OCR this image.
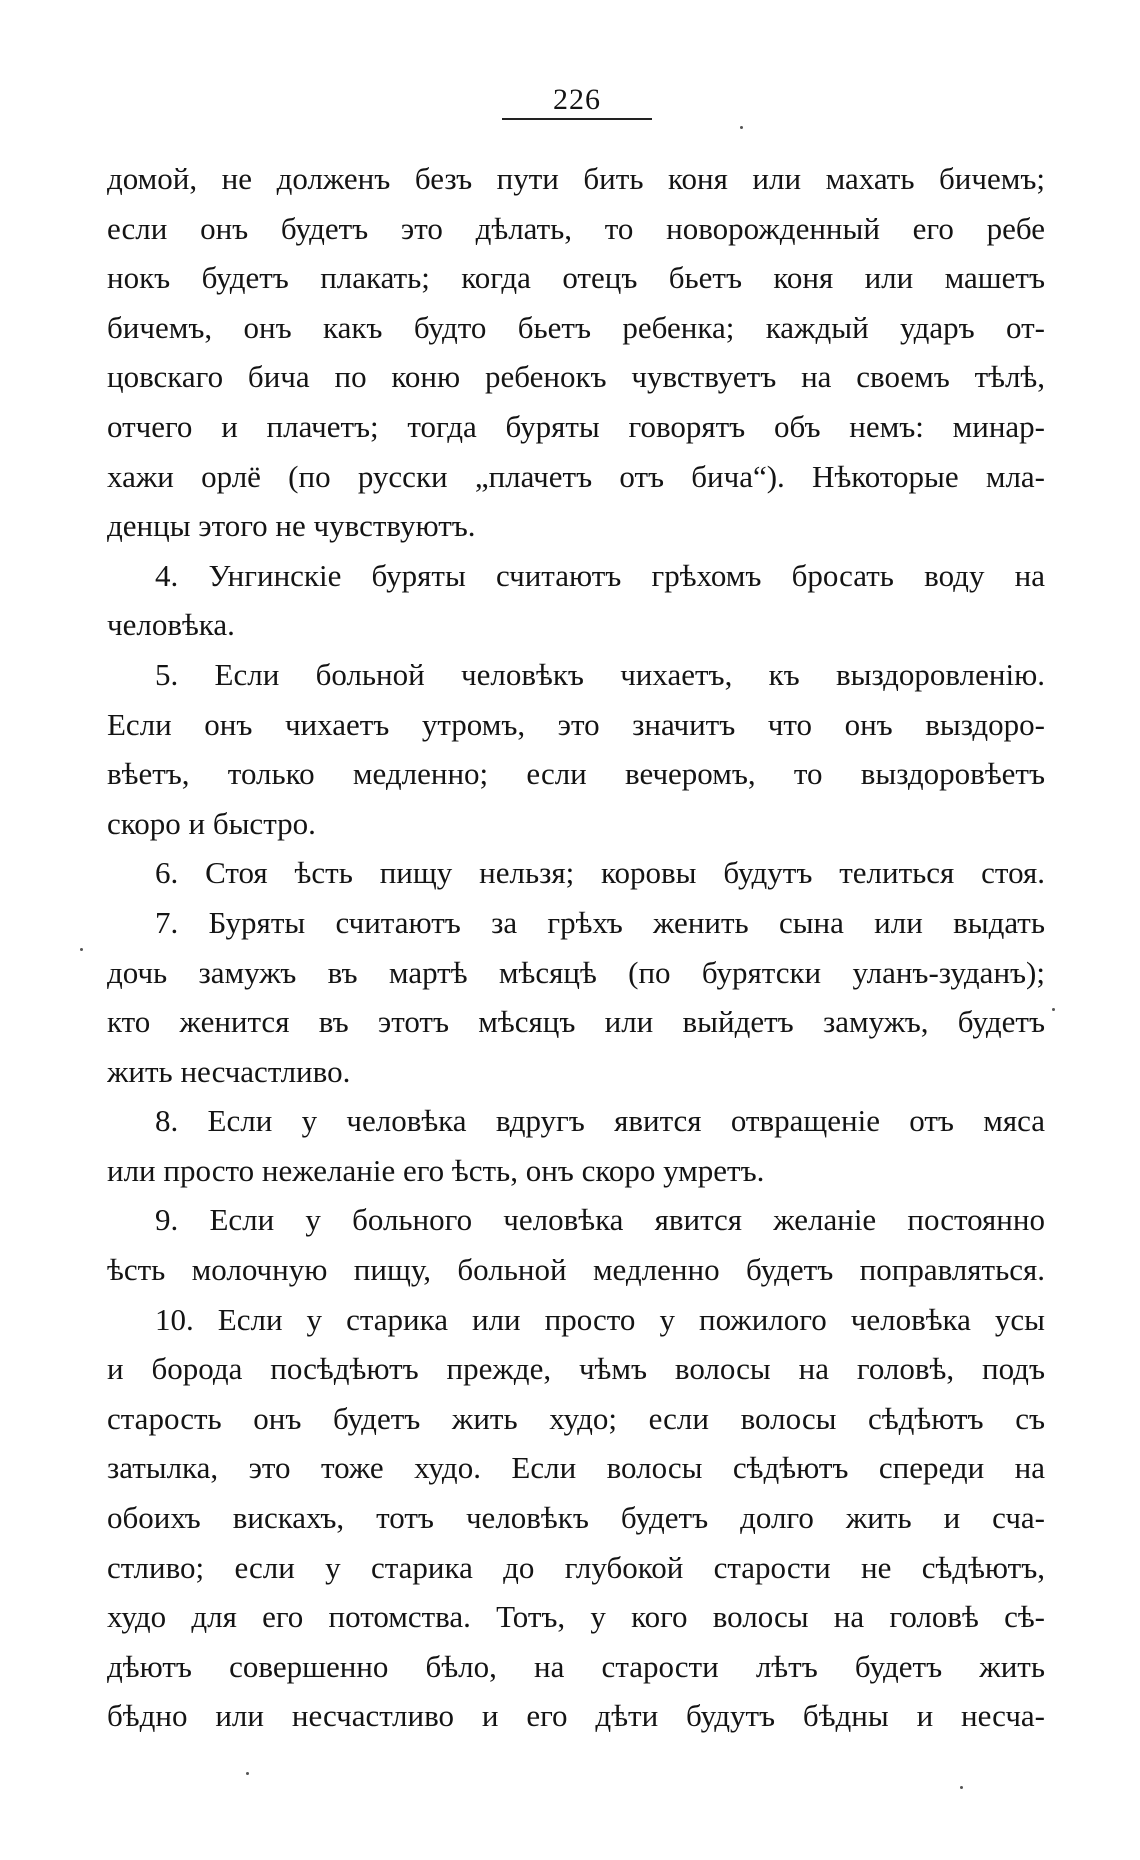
226
домой, не долженъ безъ пути бить коня или махать бичемъ;
если онъ будетъ это дѣлать, то новорожденный его ребе
нокъ будетъ плакать; когда отецъ бьетъ коня или машетъ
бичемъ, онъ какъ будто бьетъ ребенка; каждый ударъ от-
цовскаго бича по коню ребенокъ чувствуетъ на своемъ тѣлѣ,
отчего и плачетъ; тогда буряты говорятъ объ немъ: минар-
хажи орлё (по русски „плачетъ отъ бича“). Нѣкоторые мла-
денцы этого не чувствуютъ.
4. Унгинскіе буряты считаютъ грѣхомъ бросать воду на
человѣка.
5. Если больной человѣкъ чихаетъ, къ выздоровленію.
Если онъ чихаетъ утромъ, это значитъ что онъ выздоро-
вѣетъ, только медленно; если вечеромъ, то выздоровѣетъ
скоро и быстро.
6. Стоя ѣсть пищу нельзя; коровы будутъ телиться стоя.
7. Буряты считаютъ за грѣхъ женить сына или выдать
дочь замужъ въ мартѣ мѣсяцѣ (по бурятски уланъ-зуданъ);
кто женится въ этотъ мѣсяцъ или выйдетъ замужъ, будетъ
жить несчастливо.
8. Если у человѣка вдругъ явится отвращеніе отъ мяса
или просто нежеланіе его ѣсть, онъ скоро умретъ.
9. Если у больного человѣка явится желаніе постоянно
ѣсть молочную пищу, больной медленно будетъ поправляться.
10. Если у старика или просто у пожилого человѣка усы
и борода посѣдѣютъ прежде, чѣмъ волосы на головѣ, подъ
старость онъ будетъ жить худо; если волосы сѣдѣютъ съ
затылка, это тоже худо. Если волосы сѣдѣютъ спереди на
обоихъ вискахъ, тотъ человѣкъ будетъ долго жить и сча-
стливо; если у старика до глубокой старости не сѣдѣютъ,
худо для его потомства. Тотъ, у кого волосы на головѣ сѣ-
дѣютъ совершенно бѣло, на старости лѣтъ будетъ жить
бѣдно или несчастливо и его дѣти будутъ бѣдны и несча-
